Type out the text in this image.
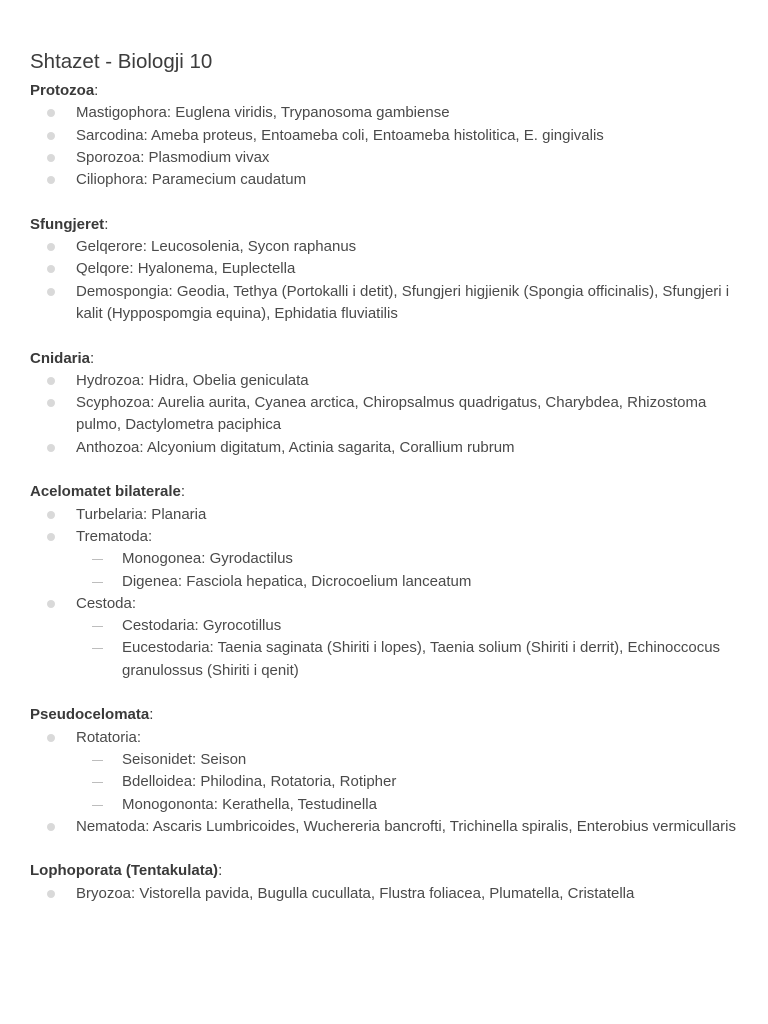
Shtazet - Biologji 10
Protozoa:
Mastigophora: Euglena viridis, Trypanosoma gambiense
Sarcodina: Ameba proteus, Entoameba coli, Entoameba histolitica, E. gingivalis
Sporozoa: Plasmodium vivax
Ciliophora: Paramecium caudatum
Sfungjeret:
Gelqerore: Leucosolenia, Sycon raphanus
Qelqore: Hyalonema, Euplectella
Demospongia: Geodia, Tethya (Portokalli i detit), Sfungjeri higjienik (Spongia officinalis), Sfungjeri i kalit (Hyppospomgia equina), Ephidatia fluviatilis
Cnidaria:
Hydrozoa: Hidra, Obelia geniculata
Scyphozoa: Aurelia aurita, Cyanea arctica, Chiropsalmus quadrigatus, Charybdea, Rhizostoma pulmo, Dactylometra paciphica
Anthozoa: Alcyonium digitatum, Actinia sagarita, Corallium rubrum
Acelomatet bilaterale:
Turbelaria: Planaria
Trematoda:
Monogonea: Gyrodactilus
Digenea: Fasciola hepatica, Dicrocoelium lanceatum
Cestoda:
Cestodaria: Gyrocotillus
Eucestodaria: Taenia saginata (Shiriti i lopes), Taenia solium (Shiriti i derrit), Echinoccocus granulossus (Shiriti i qenit)
Pseudocelomata:
Rotatoria:
Seisonidet: Seison
Bdelloidea: Philodina, Rotatoria, Rotipher
Monogononta: Kerathella, Testudinella
Nematoda: Ascaris Lumbricoides, Wuchereria bancrofti, Trichinella spiralis, Enterobius vermicullaris
Lophoporata (Tentakulata):
Bryozoa: Vistorella pavida, Bugulla cucullata, Flustra foliacea, Plumatella, Cristatella
